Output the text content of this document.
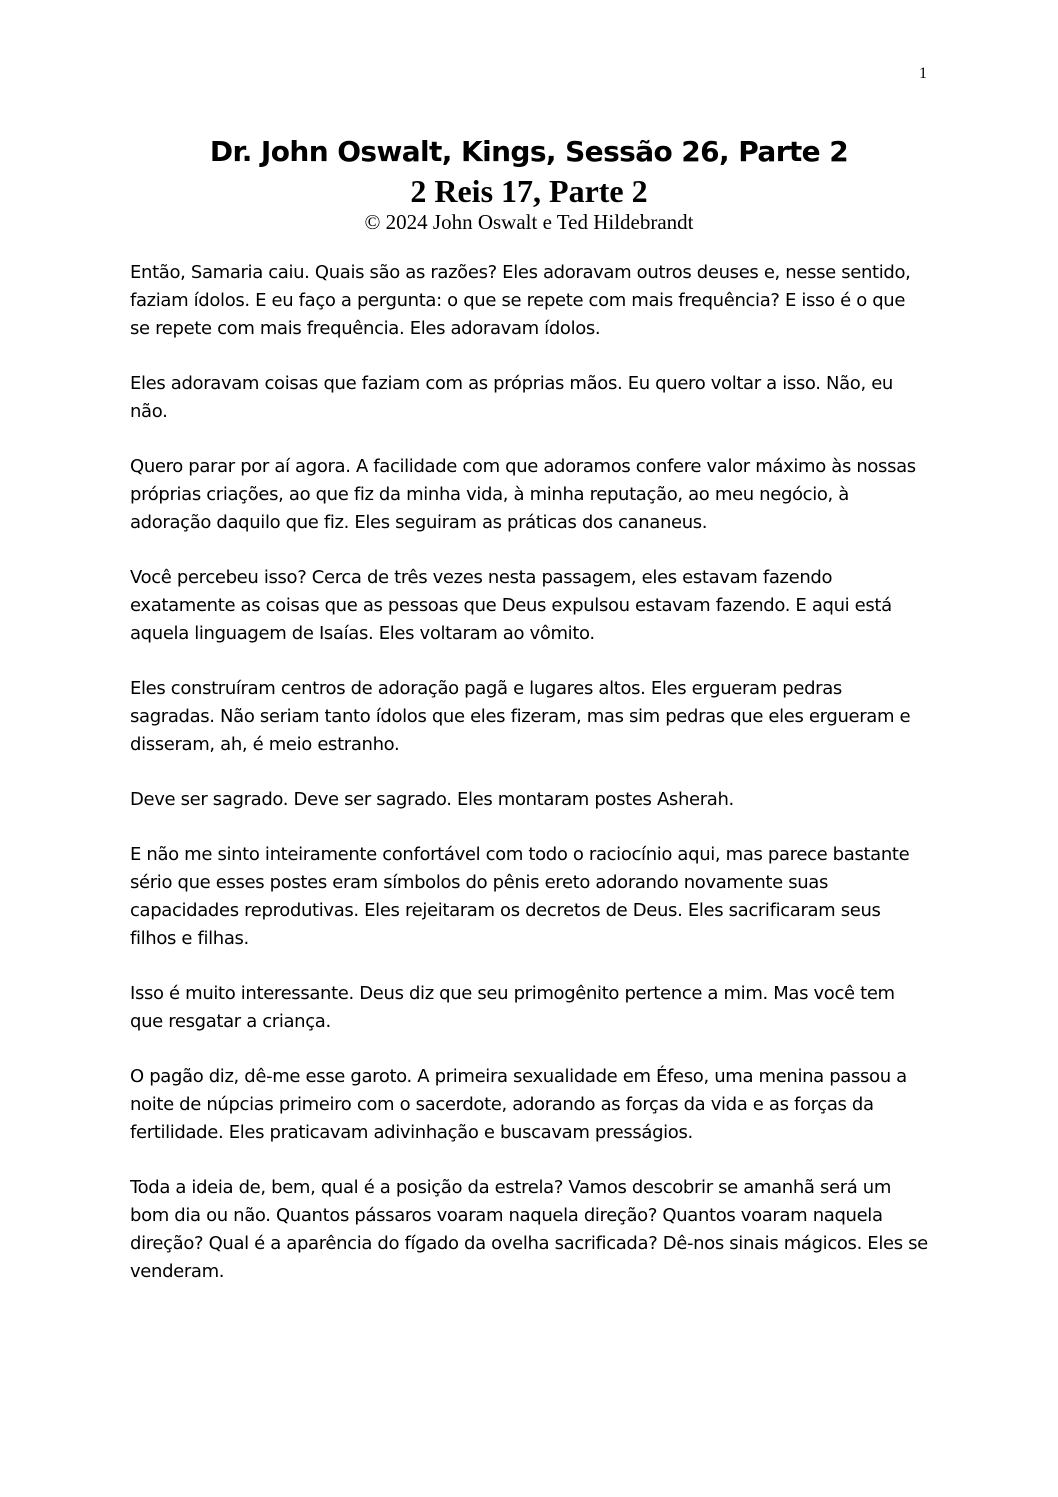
1
Dr. John Oswalt, Kings, Sessão 26, Parte 2
2 Reis 17, Parte 2
© 2024 John Oswalt e Ted Hildebrandt

Então, Samaria caiu. Quais são as razões? Eles adoravam outros deuses e, nesse sentido, faziam ídolos. E eu faço a pergunta: o que se repete com mais frequência? E isso é o que se repete com mais frequência. Eles adoravam ídolos.

Eles adoravam coisas que faziam com as próprias mãos. Eu quero voltar a isso. Não, eu não.

Quero parar por aí agora. A facilidade com que adoramos confere valor máximo às nossas próprias criações, ao que fiz da minha vida, à minha reputação, ao meu negócio, à adoração daquilo que fiz. Eles seguiram as práticas dos cananeus.

Você percebeu isso? Cerca de três vezes nesta passagem, eles estavam fazendo exatamente as coisas que as pessoas que Deus expulsou estavam fazendo. E aqui está aquela linguagem de Isaías. Eles voltaram ao vômito.

Eles construíram centros de adoração pagã e lugares altos. Eles ergueram pedras sagradas. Não seriam tanto ídolos que eles fizeram, mas sim pedras que eles ergueram e disseram, ah, é meio estranho.

Deve ser sagrado. Deve ser sagrado. Eles montaram postes Asherah.

E não me sinto inteiramente confortável com todo o raciocínio aqui, mas parece bastante sério que esses postes eram símbolos do pênis ereto adorando novamente suas capacidades reprodutivas. Eles rejeitaram os decretos de Deus. Eles sacrificaram seus filhos e filhas.

Isso é muito interessante. Deus diz que seu primogênito pertence a mim. Mas você tem que resgatar a criança.

O pagão diz, dê-me esse garoto. A primeira sexualidade em Éfeso, uma menina passou a noite de núpcias primeiro com o sacerdote, adorando as forças da vida e as forças da fertilidade. Eles praticavam adivinhação e buscavam presságios.

Toda a ideia de, bem, qual é a posição da estrela? Vamos descobrir se amanhã será um bom dia ou não. Quantos pássaros voaram naquela direção? Quantos voaram naquela direção? Qual é a aparência do fígado da ovelha sacrificada? Dê-nos sinais mágicos. Eles se venderam.
